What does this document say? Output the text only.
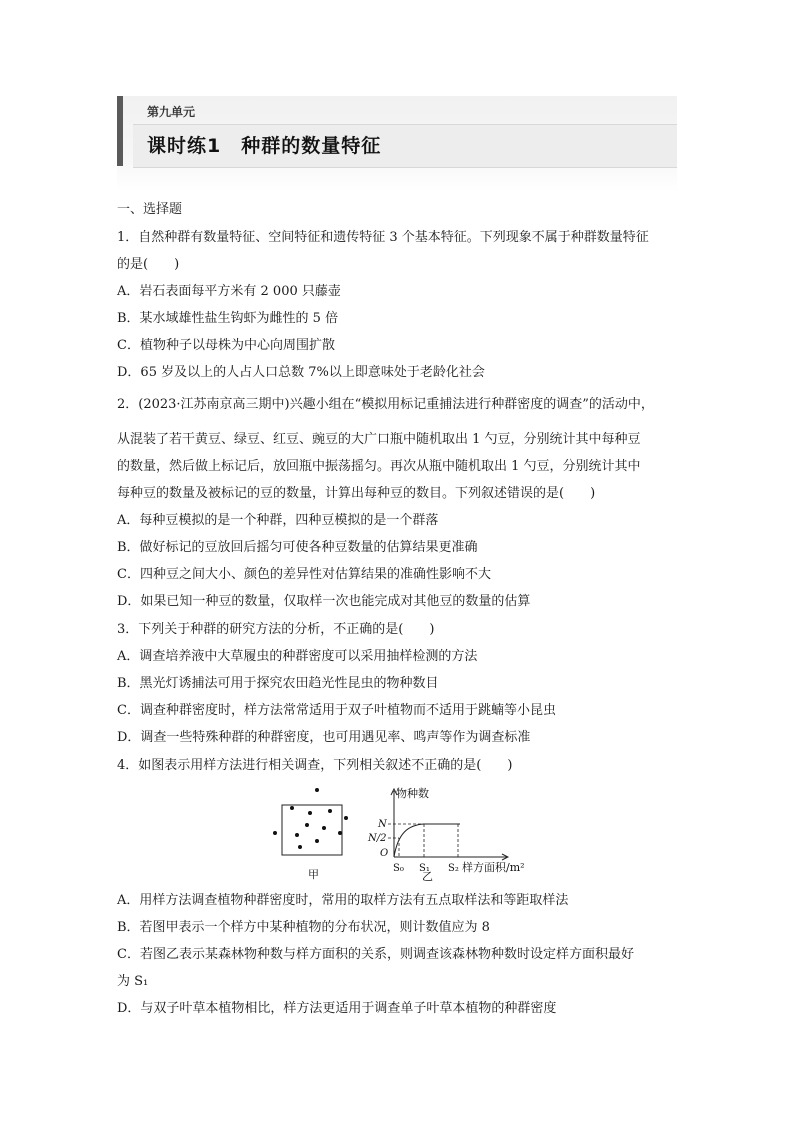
第九单元
课时练1　种群的数量特征
一、选择题
1．自然种群有数量特征、空间特征和遗传特征 3 个基本特征。下列现象不属于种群数量特征
的是(　　)
A．岩石表面每平方米有 2 000 只藤壶
B．某水域雄性盐生钩虾为雌性的 5 倍
C．植物种子以母株为中心向周围扩散
D．65 岁及以上的人占人口总数 7%以上即意味处于老龄化社会
2．(2023·江苏南京高三期中)兴趣小组在“模拟用标记重捕法进行种群密度的调查”的活动中，
从混装了若干黄豆、绿豆、红豆、豌豆的大广口瓶中随机取出 1 勺豆，分别统计其中每种豆
的数量，然后做上标记后，放回瓶中振荡摇匀。再次从瓶中随机取出 1 勺豆，分别统计其中
每种豆的数量及被标记的豆的数量，计算出每种豆的数目。下列叙述错误的是(　　)
A．每种豆模拟的是一个种群，四种豆模拟的是一个群落
B．做好标记的豆放回后摇匀可使各种豆数量的估算结果更准确
C．四种豆之间大小、颜色的差异性对估算结果的准确性影响不大
D．如果已知一种豆的数量，仅取样一次也能完成对其他豆的数量的估算
3．下列关于种群的研究方法的分析，不正确的是(　　)
A．调查培养液中大草履虫的种群密度可以采用抽样检测的方法
B．黑光灯诱捕法可用于探究农田趋光性昆虫的物种数目
C．调查种群密度时，样方法常常适用于双子叶植物而不适用于跳蝻等小昆虫
D．调查一些特殊种群的种群密度，也可用遇见率、鸣声等作为调查标准
4．如图表示用样方法进行相关调查，下列相关叙述不正确的是(　　)
甲
物种数
N
N/2
O
S₀ S₁ S₂ 样方面积/m²
乙
A．用样方法调查植物种群密度时，常用的取样方法有五点取样法和等距取样法
B．若图甲表示一个样方中某种植物的分布状况，则计数值应为 8
C．若图乙表示某森林物种数与样方面积的关系，则调查该森林物种数时设定样方面积最好
为 S₁
D．与双子叶草本植物相比，样方法更适用于调查单子叶草本植物的种群密度
